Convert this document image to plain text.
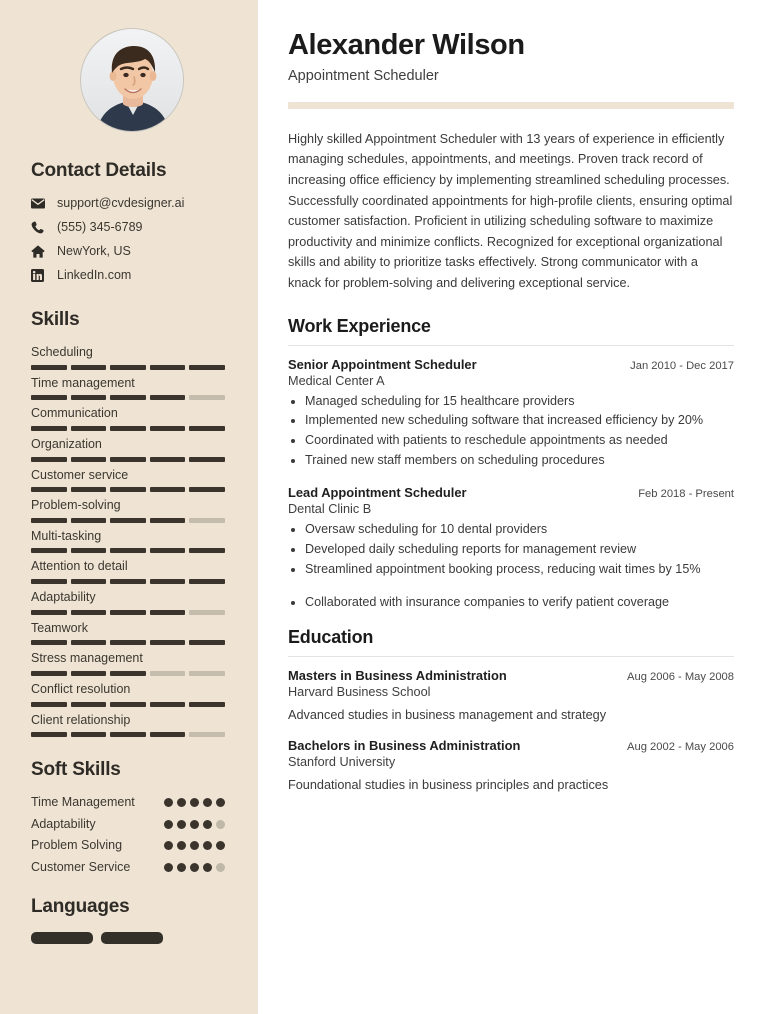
Contact Details
support@cvdesigner.ai
(555) 345-6789
NewYork, US
LinkedIn.com
Skills
Scheduling
Time management
Communication
Organization
Customer service
Problem-solving
Multi-tasking
Attention to detail
Adaptability
Teamwork
Stress management
Conflict resolution
Client relationship
Soft Skills
Time Management
Adaptability
Problem Solving
Customer Service
Languages
Alexander Wilson
Appointment Scheduler

Highly skilled Appointment Scheduler with 13 years of experience in efficiently managing schedules, appointments, and meetings. Proven track record of increasing office efficiency by implementing streamlined scheduling processes. Successfully coordinated appointments for high-profile clients, ensuring optimal customer satisfaction. Proficient in utilizing scheduling software to maximize productivity and minimize conflicts. Recognized for exceptional organizational skills and ability to prioritize tasks effectively. Strong communicator with a knack for problem-solving and delivering exceptional service.

Work Experience
Senior Appointment Scheduler	Jan 2010 - Dec 2017
Medical Center A
• Managed scheduling for 15 healthcare providers
• Implemented new scheduling software that increased efficiency by 20%
• Coordinated with patients to reschedule appointments as needed
• Trained new staff members on scheduling procedures
Lead Appointment Scheduler	Feb 2018 - Present
Dental Clinic B
• Oversaw scheduling for 10 dental providers
• Developed daily scheduling reports for management review
• Streamlined appointment booking process, reducing wait times by 15%
• Collaborated with insurance companies to verify patient coverage
Education
Masters in Business Administration	Aug 2006 - May 2008
Harvard Business School
Advanced studies in business management and strategy
Bachelors in Business Administration	Aug 2002 - May 2006
Stanford University
Foundational studies in business principles and practices
